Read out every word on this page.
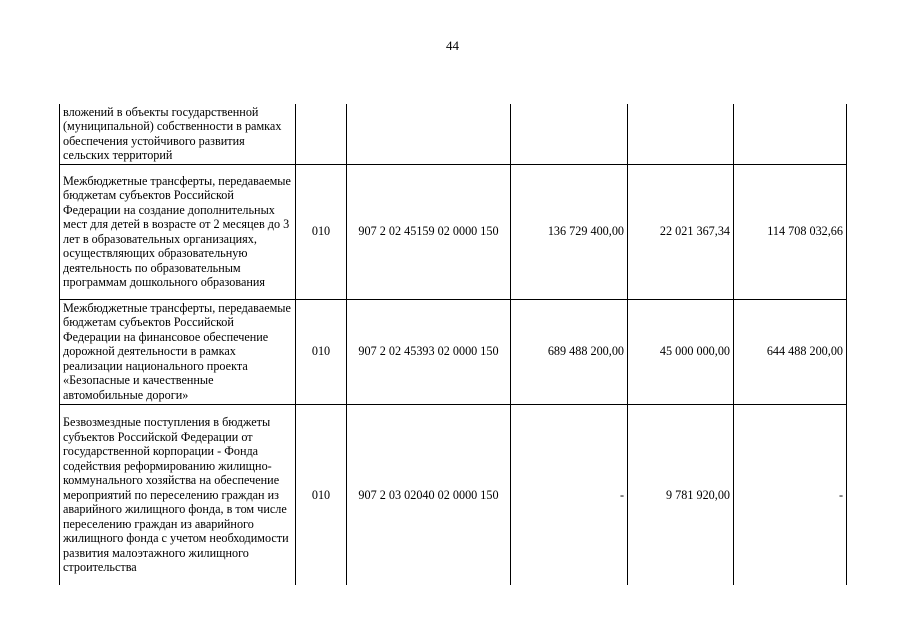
44
вложений в объекты государственной (муниципальной) собственности в рамках обеспечения устойчивого развития сельских территорий					
Межбюджетные трансферты, передаваемые бюджетам субъектов Российской Федерации на создание дополнительных мест для детей в возрасте от 2 месяцев до 3 лет в образовательных организациях, осуществляющих образовательную деятельность по образовательным программам дошкольного образования	010	907 2 02 45159 02 0000 150	136 729 400,00	22 021 367,34	114 708 032,66
Межбюджетные трансферты, передаваемые бюджетам субъектов Российской Федерации на финансовое обеспечение дорожной деятельности в рамках реализации национального проекта «Безопасные и качественные автомобильные дороги»	010	907 2 02 45393 02 0000 150	689 488 200,00	45 000 000,00	644 488 200,00
Безвозмездные поступления в бюджеты субъектов Российской Федерации от государственной корпорации - Фонда содействия реформированию жилищно-коммунального хозяйства на обеспечение мероприятий по переселению граждан из аварийного жилищного фонда, в том числе переселению граждан из аварийного жилищного фонда с учетом необходимости развития малоэтажного жилищного строительства	010	907 2 03 02040 02 0000 150	-	9 781 920,00	-
